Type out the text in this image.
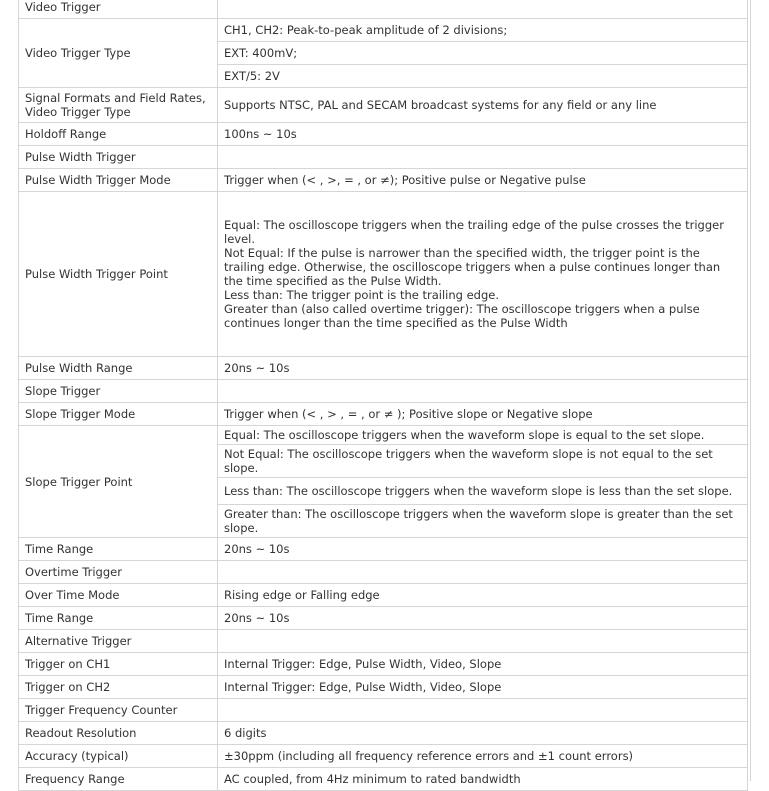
Video Trigger	
Video Trigger Type	CH1, CH2: Peak-to-peak amplitude of 2 divisions;
	EXT: 400mV;
	EXT/5: 2V
Signal Formats and Field Rates, Video Trigger Type	Supports NTSC, PAL and SECAM broadcast systems for any field or any line
Holdoff Range	100ns ~ 10s
Pulse Width Trigger	
Pulse Width Trigger Mode	Trigger when (< , >, = , or ≠); Positive pulse or Negative pulse
Pulse Width Trigger Point	Equal: The oscilloscope triggers when the trailing edge of the pulse crosses the trigger level.
Not Equal: If the pulse is narrower than the specified width, the trigger point is the trailing edge. Otherwise, the oscilloscope triggers when a pulse continues longer than the time specified as the Pulse Width.
Less than: The trigger point is the trailing edge.
Greater than (also called overtime trigger): The oscilloscope triggers when a pulse continues longer than the time specified as the Pulse Width

Pulse Width Range	20ns ~ 10s
Slope Trigger	
Slope Trigger Mode	Trigger when (< , > , = , or ≠ ); Positive slope or Negative slope
Slope Trigger Point	Equal: The oscilloscope triggers when the waveform slope is equal to the set slope.
	Not Equal: The oscilloscope triggers when the waveform slope is not equal to the set slope.
	Less than: The oscilloscope triggers when the waveform slope is less than the set slope.
	Greater than: The oscilloscope triggers when the waveform slope is greater than the set slope.
Time Range	20ns ~ 10s
Overtime Trigger	
Over Time Mode	Rising edge or Falling edge
Time Range	20ns ~ 10s
Alternative Trigger	
Trigger on CH1	Internal Trigger: Edge, Pulse Width, Video, Slope
Trigger on CH2	Internal Trigger: Edge, Pulse Width, Video, Slope
Trigger Frequency Counter	
Readout Resolution	6 digits
Accuracy (typical)	±30ppm (including all frequency reference errors and ±1 count errors)
Frequency Range	AC coupled, from 4Hz minimum to rated bandwidth
